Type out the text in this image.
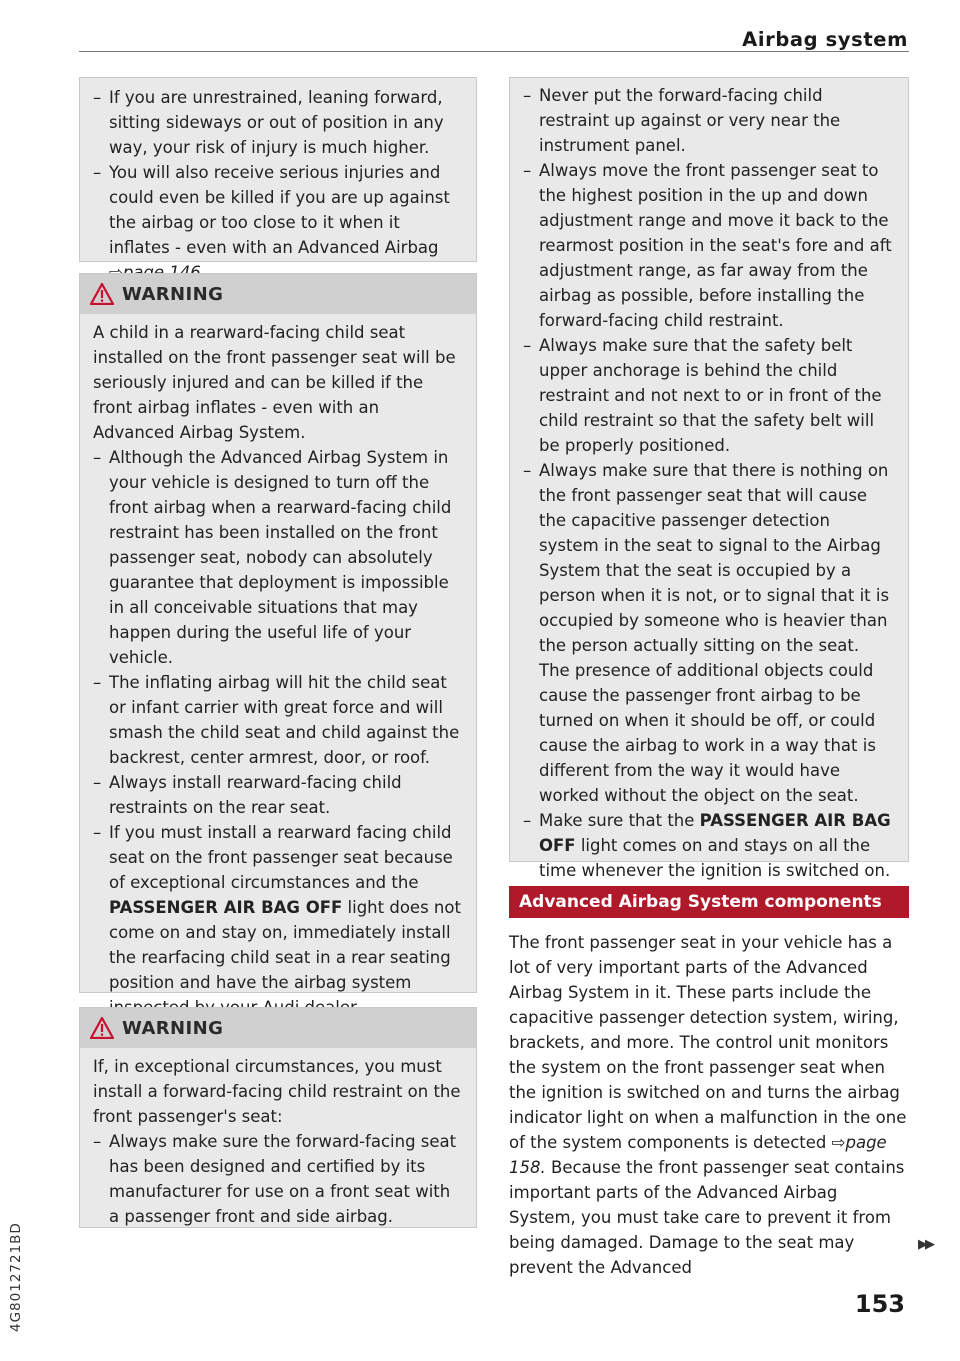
Airbag system
– If you are unrestrained, leaning forward, sitting sideways or out of position in any way, your risk of injury is much higher.
– You will also receive serious injuries and could even be killed if you are up against the airbag or too close to it when it inflates - even with an Advanced Airbag
WARNING

A child in a rearward-facing child seat installed on the front passenger seat will be seriously injured and can be killed if the front airbag inflates - even with an Advanced Airbag System.

– Although the Advanced Airbag System in your vehicle is designed to turn off the front airbag when a rearward-facing child restraint has been installed on the front passenger seat, nobody can absolutely guarantee that deployment is impossible in all conceivable situations that may happen during the useful life of your vehicle.
– The inflating airbag will hit the child seat or infant carrier with great force and will smash the child seat and child against the backrest, center armrest, door, or roof.
– Always install rearward-facing child restraints on the rear seat.
– If you must install a rearward facing child seat on the front passenger seat because of exceptional circumstances and the PASSENGER AIR BAG OFF light does not come on and stay on, immediately install the rearfacing child seat in a rear seating position and have the airbag system
WARNING

If, in exceptional circumstances, you must install a forward-facing child restraint on the front passenger's seat:

– Always make sure the forward-facing seat has been designed and certified by its manufacturer for use on a front seat with a passenger front and side airbag.
– Never put the forward-facing child restraint up against or very near the instrument panel.
– Always move the front passenger seat to the highest position in the up and down adjustment range and move it back to the rearmost position in the seat's fore and aft adjustment range, as far away from the airbag as possible, before installing the forward-facing child restraint.
– Always make sure that the safety belt upper anchorage is behind the child restraint and not next to or in front of the child restraint so that the safety belt will be properly positioned.
– Always make sure that there is nothing on the front passenger seat that will cause the capacitive passenger detection system in the seat to signal to the Airbag System that the seat is occupied by a person when it is not, or to signal that it is occupied by someone who is heavier than the person actually sitting on the seat. The presence of additional objects could cause the passenger front airbag to be turned on when it should be off, or could cause the airbag to work in a way that is different from the way it would have worked without the object on the seat.
– Make sure that the PASSENGER AIR BAG OFF light comes on and stays on all the time whenever the ignition is switched on.
Advanced Airbag System components
The front passenger seat in your vehicle has a lot of very important parts of the Advanced Airbag System in it. These parts include the capacitive passenger detection system, wiring, brackets, and more. The control unit monitors the system on the front passenger seat when the ignition is switched on and turns the airbag indicator light on when a malfunction in the one of the system components is detected ⇨page 158. Because the front passenger seat contains important parts of the Advanced Airbag System, you must take care to prevent it from being damaged. Damage to the seat may prevent the Advanced
▶▶
153
4G8012721BD
